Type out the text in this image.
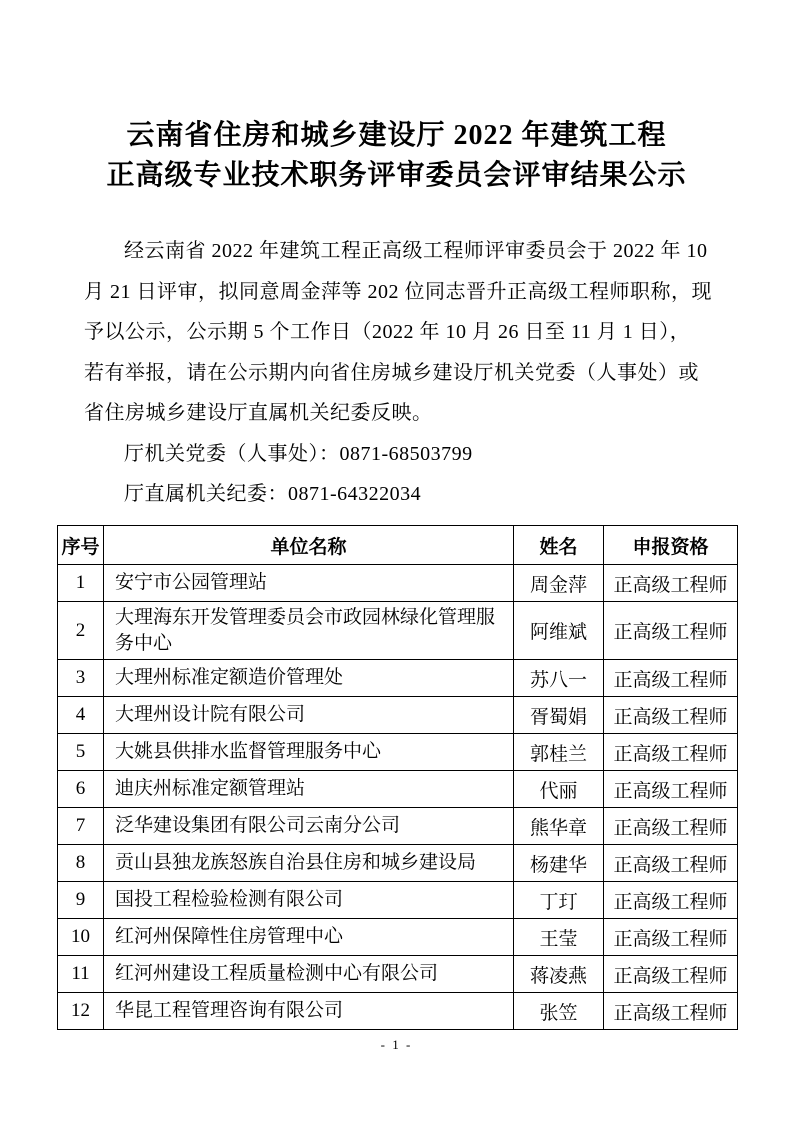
云南省住房和城乡建设厅 2022 年建筑工程
正高级专业技术职务评审委员会评审结果公示
经云南省 2022 年建筑工程正高级工程师评审委员会于 2022 年 10
月 21 日评审，拟同意周金萍等 202 位同志晋升正高级工程师职称，现
予以公示，公示期 5 个工作日（2022 年 10 月 26 日至 11 月 1 日），
若有举报，请在公示期内向省住房城乡建设厅机关党委（人事处）或
省住房城乡建设厅直属机关纪委反映。
厅机关党委（人事处）：0871-68503799
厅直属机关纪委：0871-64322034
序号	单位名称	姓名	申报资格
1	安宁市公园管理站	周金萍	正高级工程师
2	大理海东开发管理委员会市政园林绿化管理服务中心	阿维斌	正高级工程师
3	大理州标准定额造价管理处	苏八一	正高级工程师
4	大理州设计院有限公司	胥蜀娟	正高级工程师
5	大姚县供排水监督管理服务中心	郭桂兰	正高级工程师
6	迪庆州标准定额管理站	代丽	正高级工程师
7	泛华建设集团有限公司云南分公司	熊华章	正高级工程师
8	贡山县独龙族怒族自治县住房和城乡建设局	杨建华	正高级工程师
9	国投工程检验检测有限公司	丁玎	正高级工程师
10	红河州保障性住房管理中心	王莹	正高级工程师
11	红河州建设工程质量检测中心有限公司	蒋凌燕	正高级工程师
12	华昆工程管理咨询有限公司	张笠	正高级工程师
- 1 -
